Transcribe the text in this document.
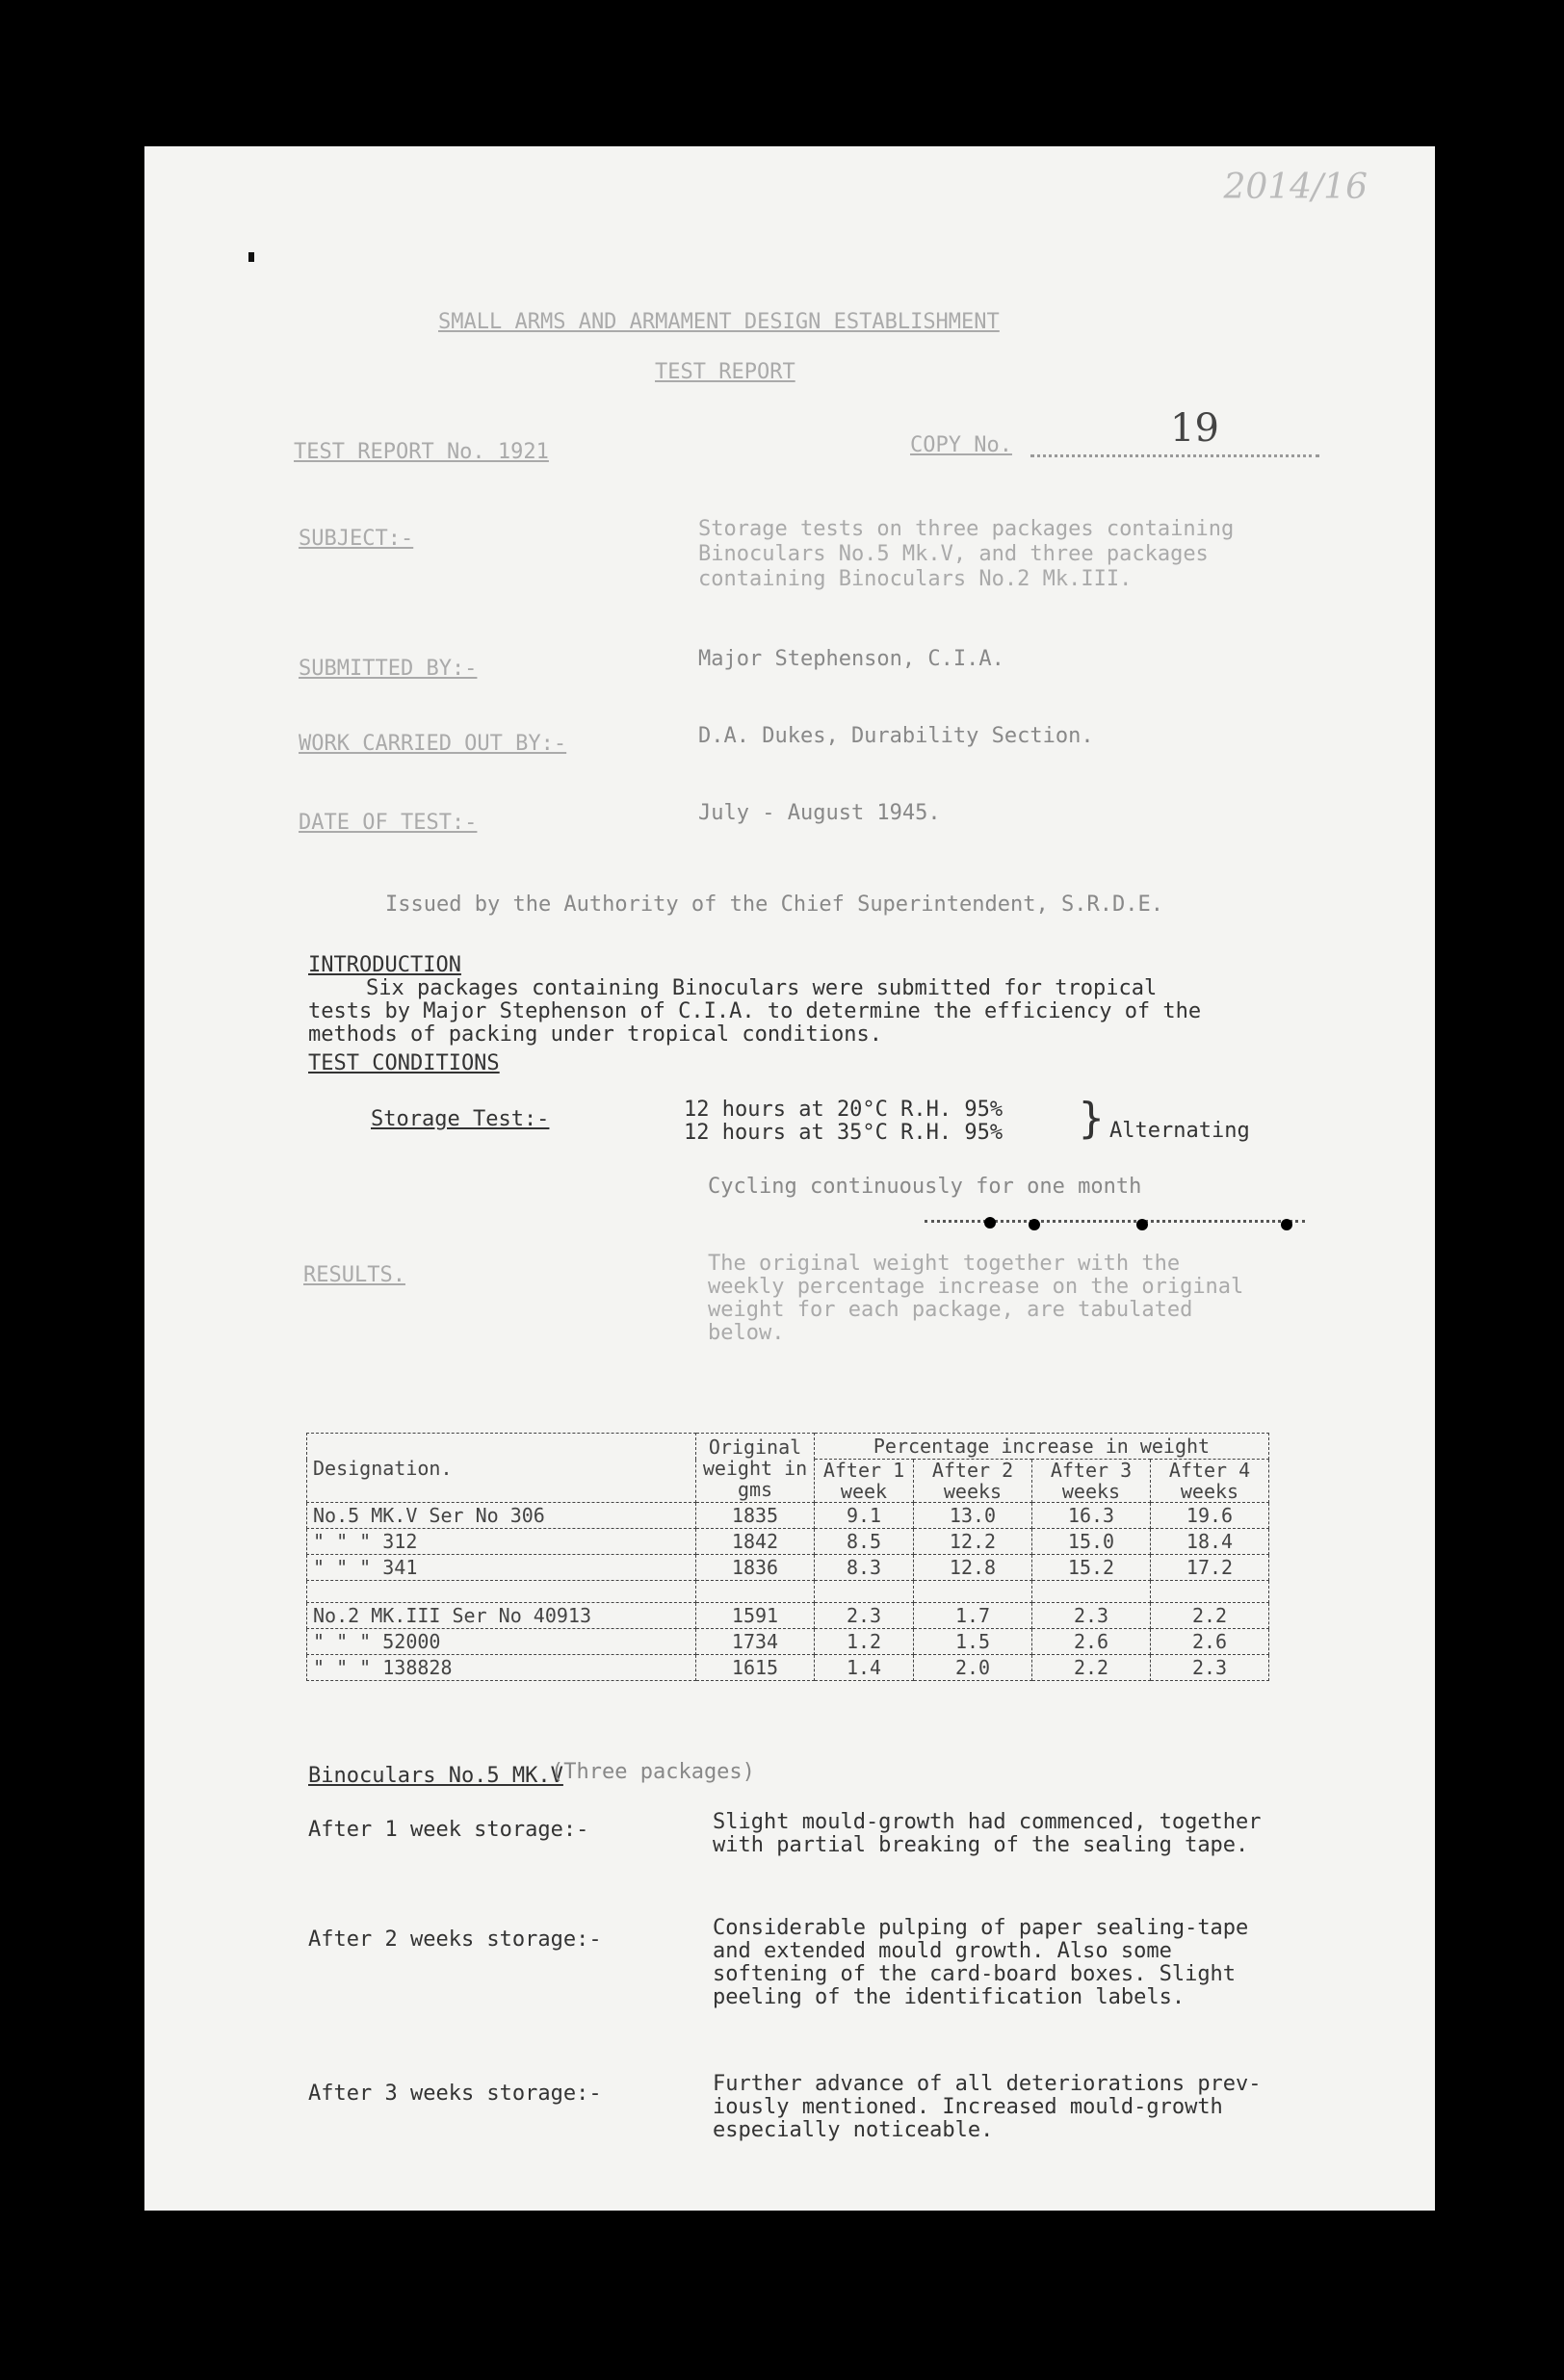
2014/16
SMALL ARMS AND ARMAMENT DESIGN ESTABLISHMENT
TEST REPORT
TEST REPORT No. 1921	COPY No.	19
SUBJECT:-	Storage tests on three packages containing
Binoculars No.5 Mk.V, and three packages
containing Binoculars No.2 Mk.III.
SUBMITTED BY:-	Major Stephenson, C.I.A.
WORK CARRIED OUT BY:-	D.A. Dukes, Durability Section.
DATE OF TEST:-	July - August 1945.
Issued by the Authority of the Chief Superintendent, S.R.D.E.
INTRODUCTION
Six packages containing Binoculars were submitted for tropical
tests by Major Stephenson of C.I.A. to determine the efficiency of the
methods of packing under tropical conditions.
TEST CONDITIONS
Storage Test:-	12 hours at 20°C R.H. 95%
12 hours at 35°C R.H. 95% } Alternating
Cycling continuously for one month
RESULTS.	The original weight together with the
weekly percentage increase on the original
weight for each package, are tabulated
below.
Designation.	Original weight in gms	Percentage increase in weight			
		After 1 week	After 2 weeks	After 3 weeks	After 4 weeks
No.5 MK.V Ser No 306	1835	9.1	13.0	16.3	19.6
" " " 312	1842	8.5	12.2	15.0	18.4
" " " 341	1836	8.3	12.8	15.2	17.2

No.2 MK.III Ser No 40913	1591	2.3	1.7	2.3	2.2
" " " 52000	1734	1.2	1.5	2.6	2.6
" " " 138828	1615	1.4	2.0	2.2	2.3
Binoculars No.5 MK.V
(Three packages)
After 1 week storage:-	Slight mould-growth had commenced, together
with partial breaking of the sealing tape.
After 2 weeks storage:-	Considerable pulping of paper sealing-tape
and extended mould growth. Also some
softening of the card-board boxes. Slight
peeling of the identification labels.
After 3 weeks storage:-	Further advance of all deteriorations prev-
iously mentioned. Increased mould-growth
especially noticeable.
